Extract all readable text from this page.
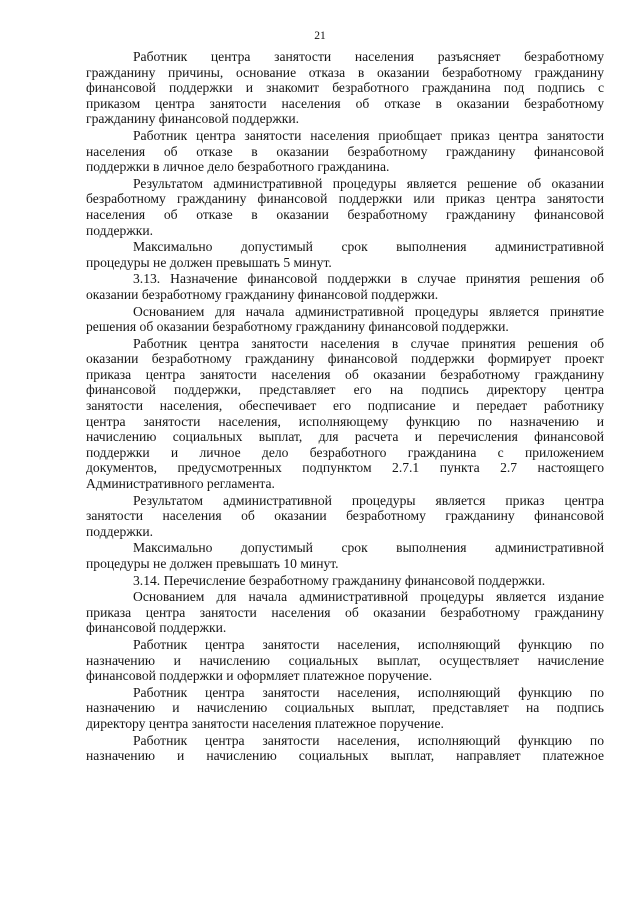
21
Работник центра занятости населения разъясняет безработному
гражданину причины, основание отказа в оказании безработному гражданину
финансовой поддержки и знакомит безработного гражданина под подпись с
приказом центра занятости населения об отказе в оказании безработному
гражданину финансовой поддержки.
Работник центра занятости населения приобщает приказ центра занятости
населения об отказе в оказании безработному гражданину финансовой
поддержки в личное дело безработного гражданина.
Результатом административной процедуры является решение об оказании
безработному гражданину финансовой поддержки или приказ центра занятости
населения об отказе в оказании безработному гражданину финансовой
поддержки.
Максимально допустимый срок выполнения административной
процедуры не должен превышать 5 минут.
3.13. Назначение финансовой поддержки в случае принятия решения об
оказании безработному гражданину финансовой поддержки.
Основанием для начала административной процедуры является принятие
решения об оказании безработному гражданину финансовой поддержки.
Работник центра занятости населения в случае принятия решения об
оказании безработному гражданину финансовой поддержки формирует проект
приказа центра занятости населения об оказании безработному гражданину
финансовой поддержки, представляет его на подпись директору центра
занятости населения, обеспечивает его подписание и передает работнику
центра занятости населения, исполняющему функцию по назначению и
начислению социальных выплат, для расчета и перечисления финансовой
поддержки и личное дело безработного гражданина с приложением
документов, предусмотренных подпунктом 2.7.1 пункта 2.7 настоящего
Административного регламента.
Результатом административной процедуры является приказ центра
занятости населения об оказании безработному гражданину финансовой
поддержки.
Максимально допустимый срок выполнения административной
процедуры не должен превышать 10 минут.
3.14. Перечисление безработному гражданину финансовой поддержки.
Основанием для начала административной процедуры является издание
приказа центра занятости населения об оказании безработному гражданину
финансовой поддержки.
Работник центра занятости населения, исполняющий функцию по
назначению и начислению социальных выплат, осуществляет начисление
финансовой поддержки и оформляет платежное поручение.
Работник центра занятости населения, исполняющий функцию по
назначению и начислению социальных выплат, представляет на подпись
директору центра занятости населения платежное поручение.
Работник центра занятости населения, исполняющий функцию по
назначению и начислению социальных выплат, направляет платежное
